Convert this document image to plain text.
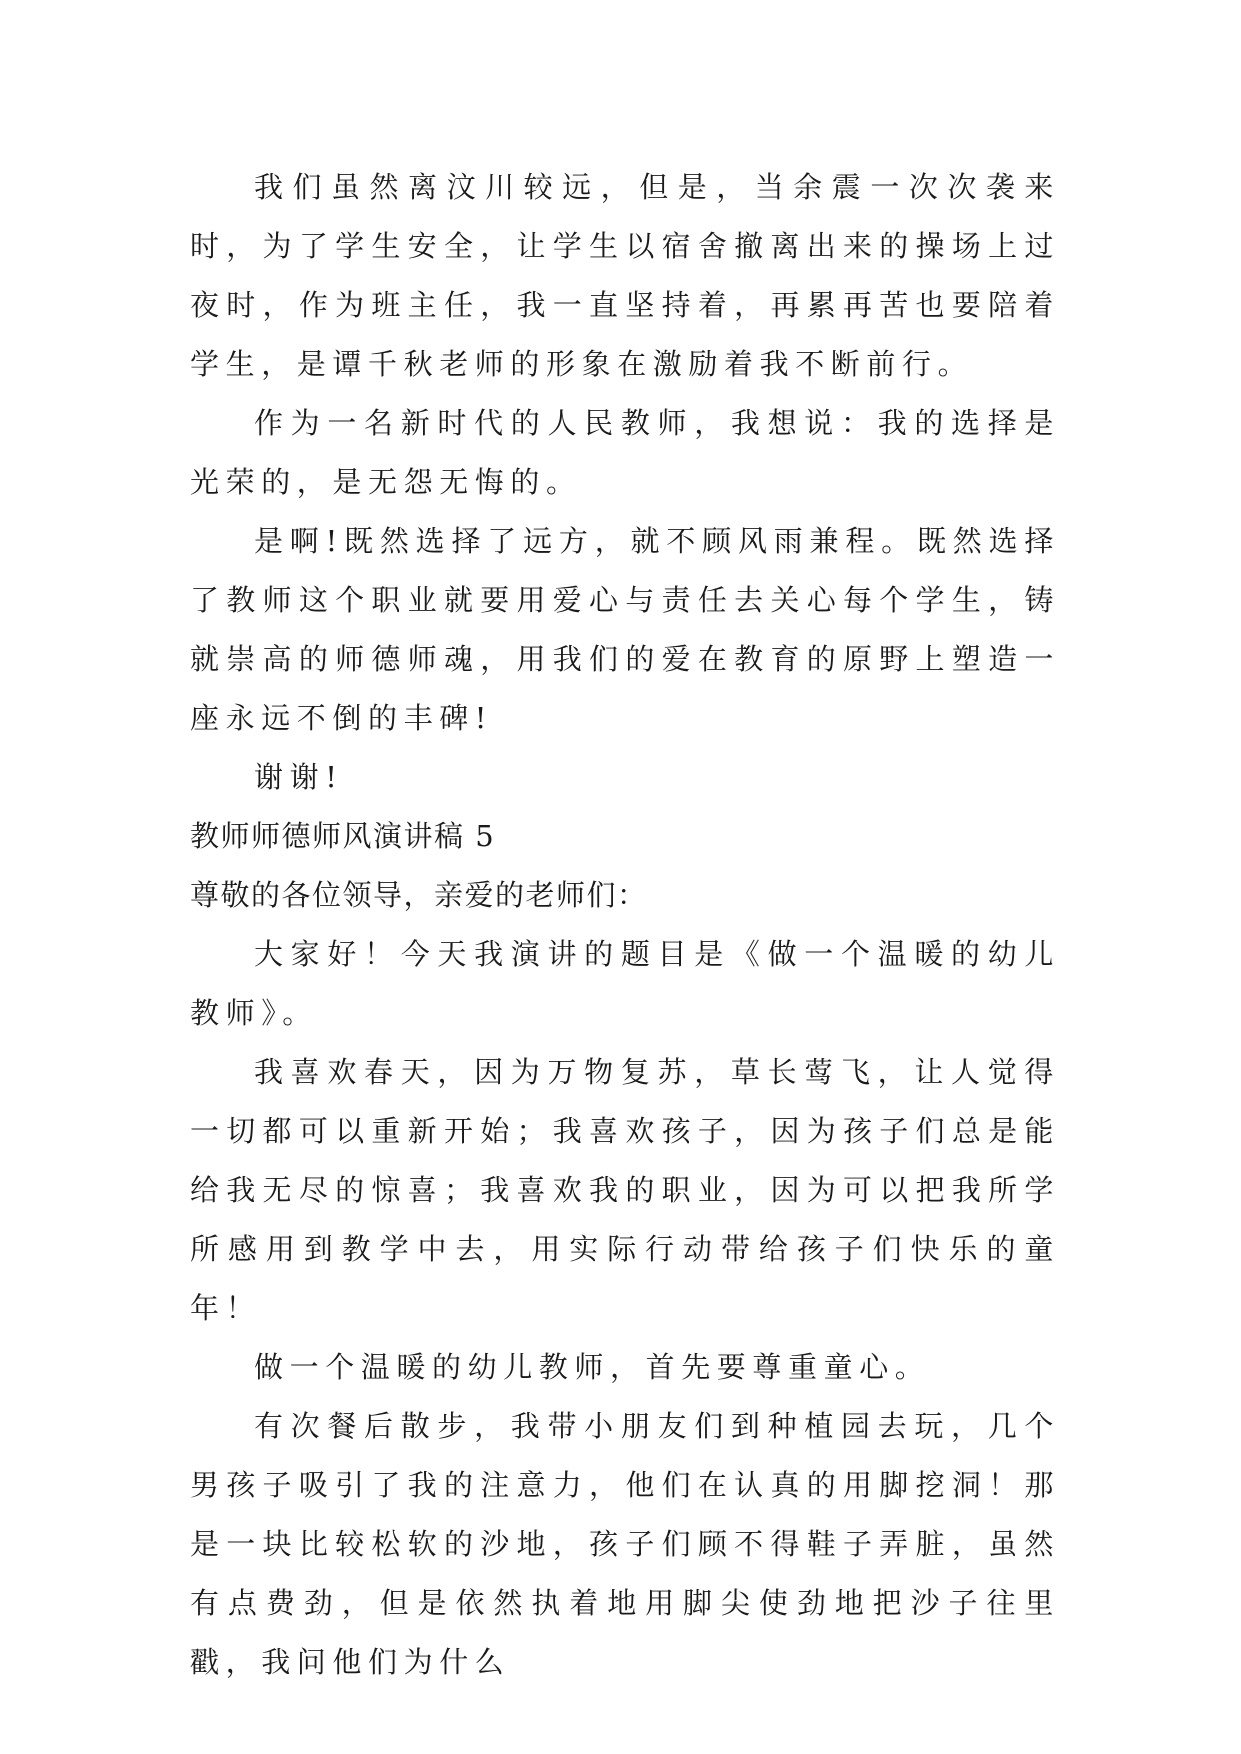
我们虽然离汶川较远，但是，当余震一次次袭来时，为了学生安全，让学生以宿舍撤离出来的操场上过夜时，作为班主任，我一直坚持着，再累再苦也要陪着学生，是谭千秋老师的形象在激励着我不断前行。

作为一名新时代的人民教师，我想说：我的选择是光荣的，是无怨无悔的。

是啊!既然选择了远方，就不顾风雨兼程。既然选择了教师这个职业就要用爱心与责任去关心每个学生，铸就崇高的师德师魂，用我们的爱在教育的原野上塑造一座永远不倒的丰碑!

谢谢!

教师师德师风演讲稿 5

尊敬的各位领导，亲爱的老师们：

大家好！今天我演讲的题目是《做一个温暖的幼儿教师》。

我喜欢春天，因为万物复苏，草长莺飞，让人觉得一切都可以重新开始；我喜欢孩子，因为孩子们总是能给我无尽的惊喜；我喜欢我的职业，因为可以把我所学所感用到教学中去，用实际行动带给孩子们快乐的童年！

做一个温暖的幼儿教师，首先要尊重童心。

有次餐后散步，我带小朋友们到种植园去玩，几个男孩子吸引了我的注意力，他们在认真的用脚挖洞！那是一块比较松软的沙地，孩子们顾不得鞋子弄脏，虽然有点费劲，但是依然执着地用脚尖使劲地把沙子往里戳，我问他们为什么
